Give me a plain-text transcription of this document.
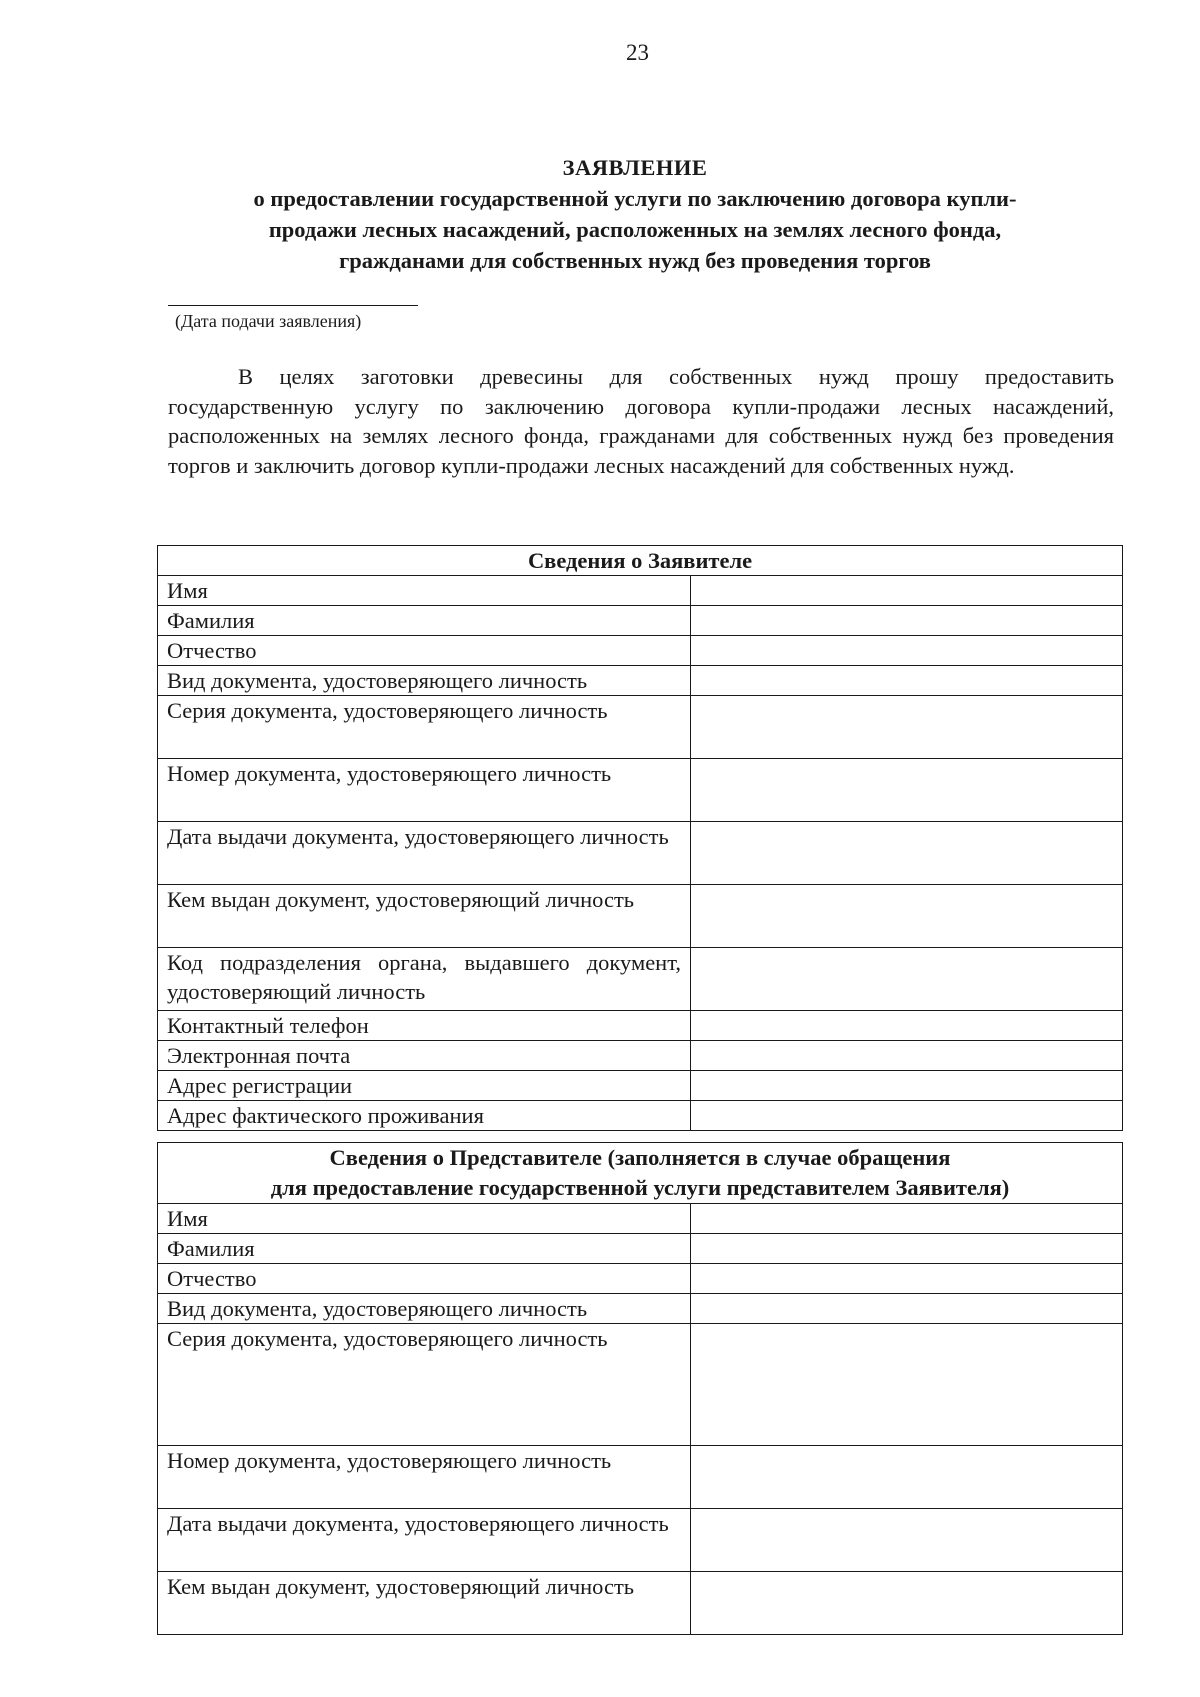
23
ЗАЯВЛЕНИЕ
о предоставлении государственной услуги по заключению договора купли-
продажи лесных насаждений, расположенных на землях лесного фонда,
гражданами для собственных нужд без проведения торгов
(Дата подачи заявления)
В целях заготовки древесины для собственных нужд прошу предоставить государственную услугу по заключению договора купли-продажи лесных насаждений, расположенных на землях лесного фонда, гражданами для собственных нужд без проведения торгов и заключить договор купли-продажи лесных насаждений для собственных нужд.
Сведения о Заявителе	
Имя	
Фамилия	
Отчество	
Вид документа, удостоверяющего личность	
Серия документа, удостоверяющего личность	
Номер документа, удостоверяющего личность	
Дата выдачи документа, удостоверяющего личность	
Кем выдан документ, удостоверяющий личность	
Код подразделения органа, выдавшего документ, удостоверяющий личность	
Контактный телефон	
Электронная почта	
Адрес регистрации	
Адрес фактического проживания	
Сведения о Представителе (заполняется в случае обращения
для предоставление государственной услуги представителем Заявителя)	

Имя	
Фамилия	
Отчество	
Вид документа, удостоверяющего личность	
Серия документа, удостоверяющего личность	
Номер документа, удостоверяющего личность	
Дата выдачи документа, удостоверяющего личность	
Кем выдан документ, удостоверяющий личность	
